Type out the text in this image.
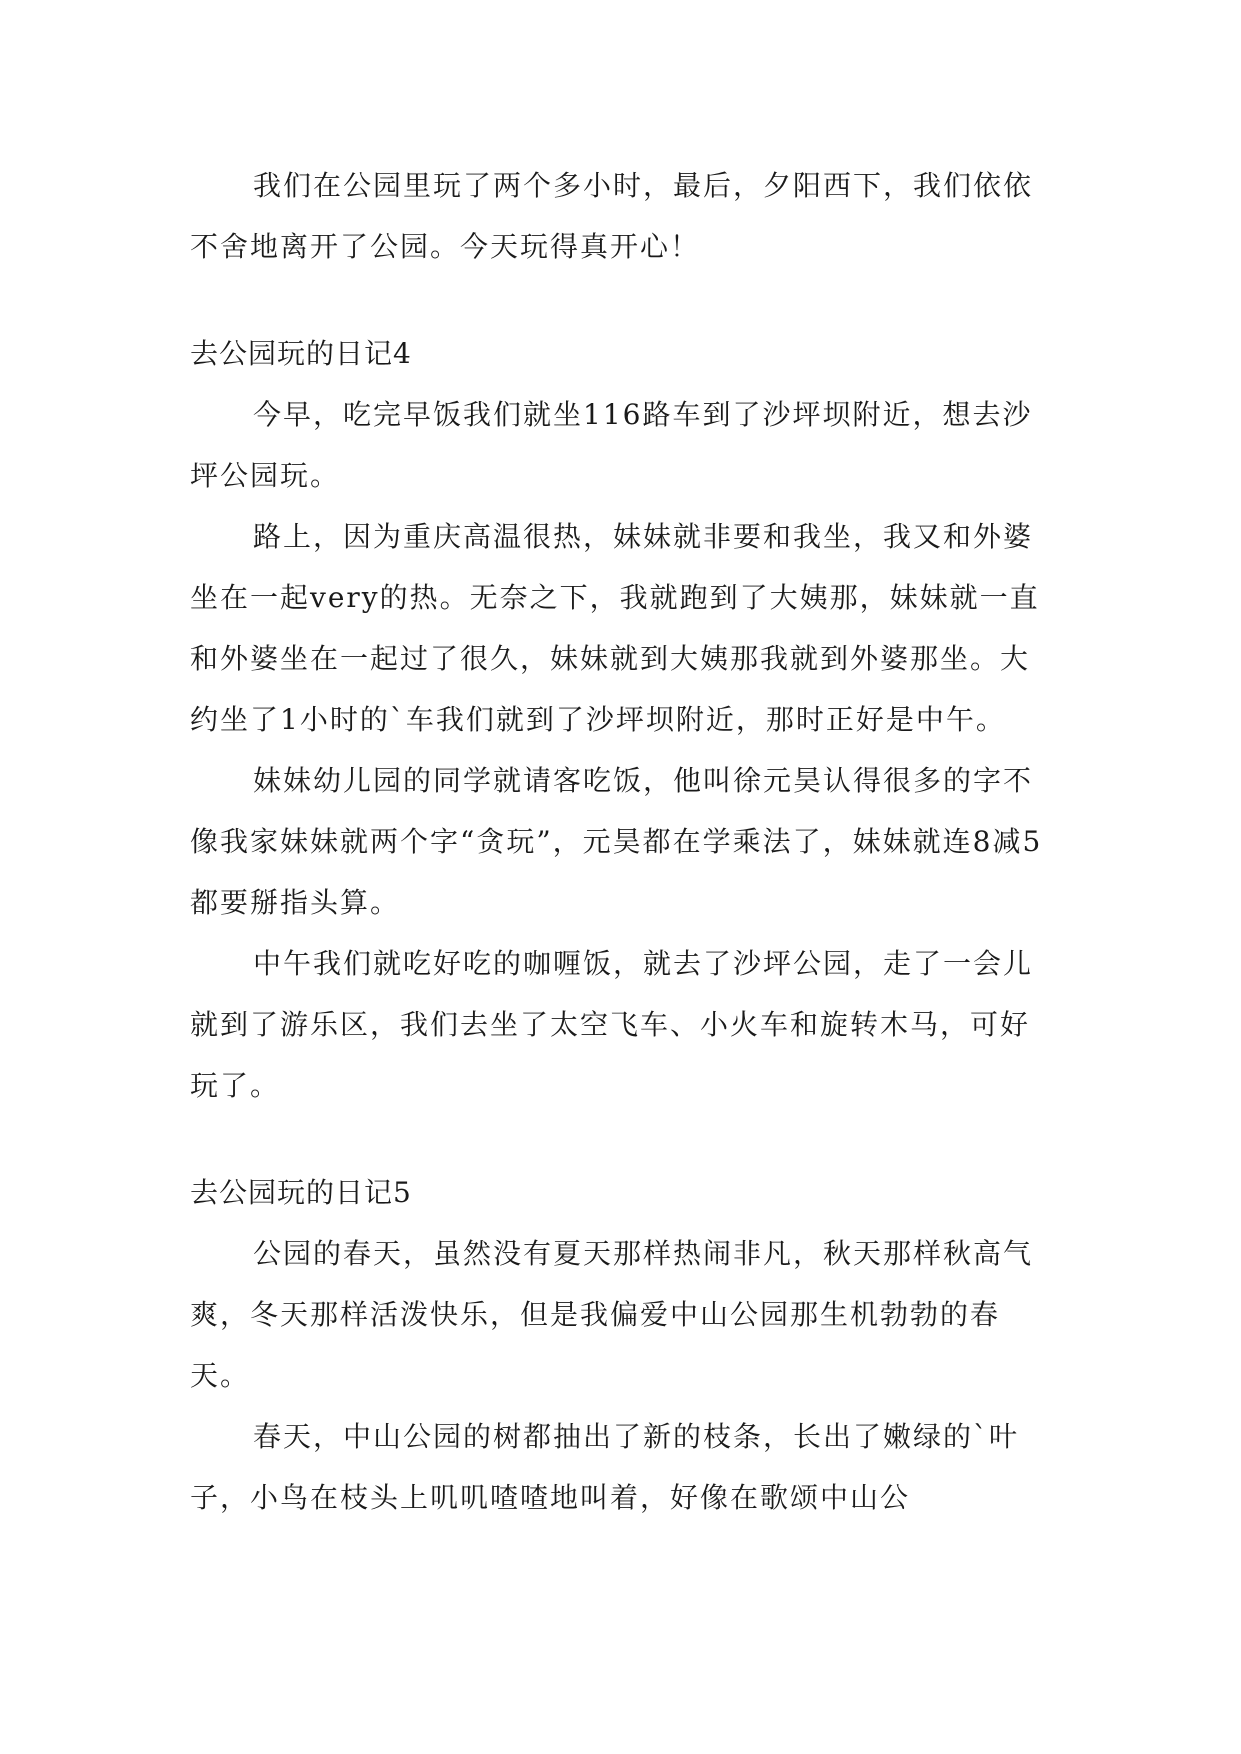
我们在公园里玩了两个多小时，最后，夕阳西下，我们依依不舍地离开了公园。今天玩得真开心！

去公园玩的日记4

今早，吃完早饭我们就坐116路车到了沙坪坝附近，想去沙坪公园玩。

路上，因为重庆高温很热，妹妹就非要和我坐，我又和外婆坐在一起very的热。无奈之下，我就跑到了大姨那，妹妹就一直和外婆坐在一起过了很久，妹妹就到大姨那我就到外婆那坐。大约坐了1小时的`车我们就到了沙坪坝附近，那时正好是中午。

妹妹幼儿园的同学就请客吃饭，他叫徐元昊认得很多的字不像我家妹妹就两个字“贪玩”，元昊都在学乘法了，妹妹就连8减5都要掰指头算。

中午我们就吃好吃的咖喱饭，就去了沙坪公园，走了一会儿就到了游乐区，我们去坐了太空飞车、小火车和旋转木马，可好玩了。

去公园玩的日记5

公园的春天，虽然没有夏天那样热闹非凡，秋天那样秋高气爽，冬天那样活泼快乐，但是我偏爱中山公园那生机勃勃的春天。

春天，中山公园的树都抽出了新的枝条，长出了嫩绿的`叶子，小鸟在枝头上叽叽喳喳地叫着，好像在歌颂中山公
